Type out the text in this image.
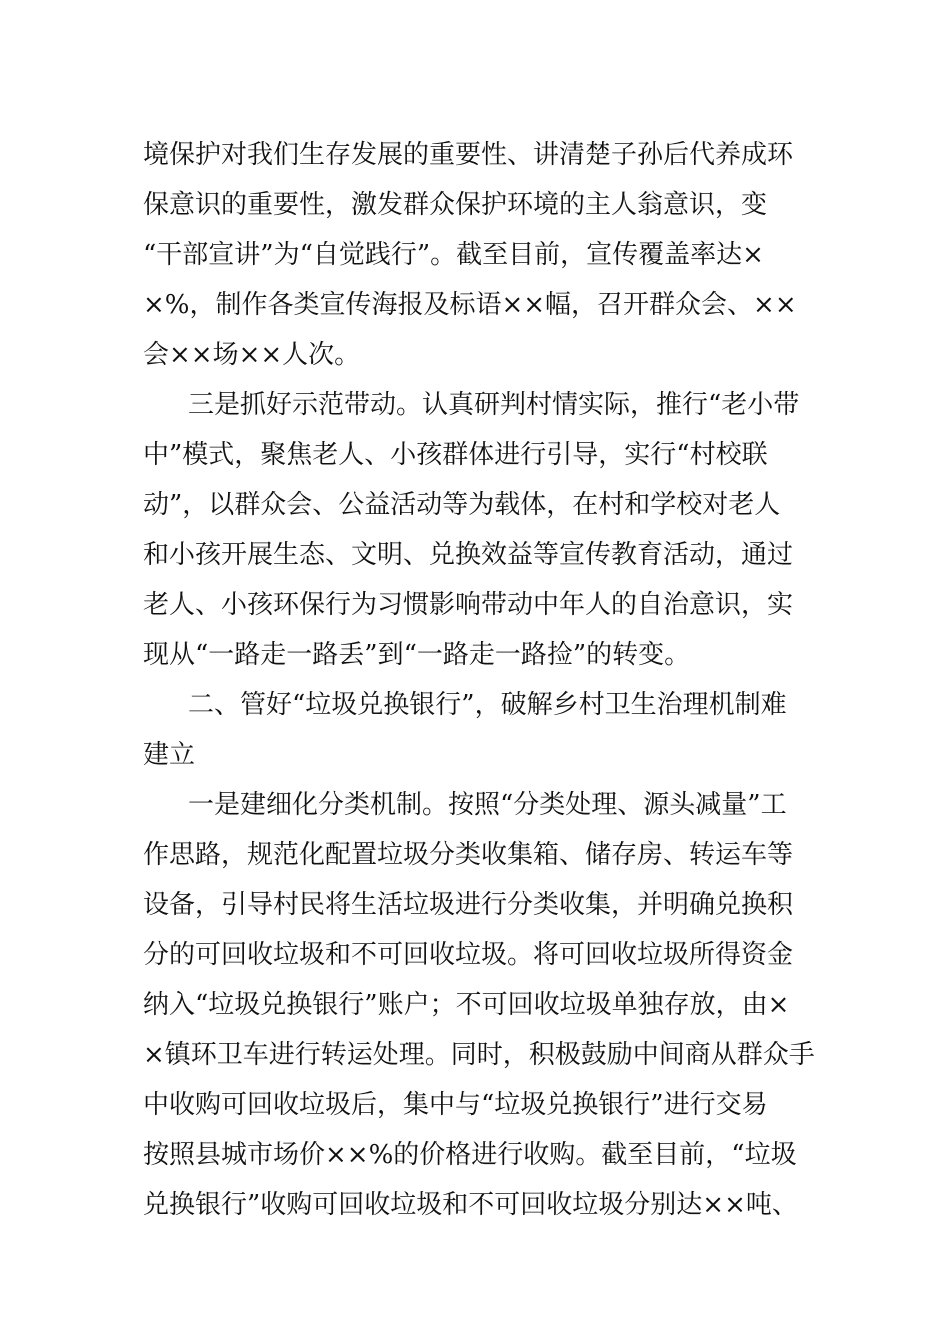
境保护对我们生存发展的重要性、讲清楚子孙后代养成环
保意识的重要性，激发群众保护环境的主人翁意识，变
“干部宣讲”为“自觉践行”。截至目前，宣传覆盖率达×
×%，制作各类宣传海报及标语××幅，召开群众会、××
会××场××人次。
三是抓好示范带动。认真研判村情实际，推行“老小带
中”模式，聚焦老人、小孩群体进行引导，实行“村校联
动”，以群众会、公益活动等为载体，在村和学校对老人
和小孩开展生态、文明、兑换效益等宣传教育活动，通过
老人、小孩环保行为习惯影响带动中年人的自治意识，实
现从“一路走一路丢”到“一路走一路捡”的转变。
二、管好“垃圾兑换银行”，破解乡村卫生治理机制难
建立
一是建细化分类机制。按照“分类处理、源头减量”工
作思路，规范化配置垃圾分类收集箱、储存房、转运车等
设备，引导村民将生活垃圾进行分类收集，并明确兑换积
分的可回收垃圾和不可回收垃圾。将可回收垃圾所得资金
纳入“垃圾兑换银行”账户；不可回收垃圾单独存放，由×
×镇环卫车进行转运处理。同时，积极鼓励中间商从群众手
中收购可回收垃圾后，集中与“垃圾兑换银行”进行交易
按照县城市场价××%的价格进行收购。截至目前，“垃圾
兑换银行”收购可回收垃圾和不可回收垃圾分别达××吨、
